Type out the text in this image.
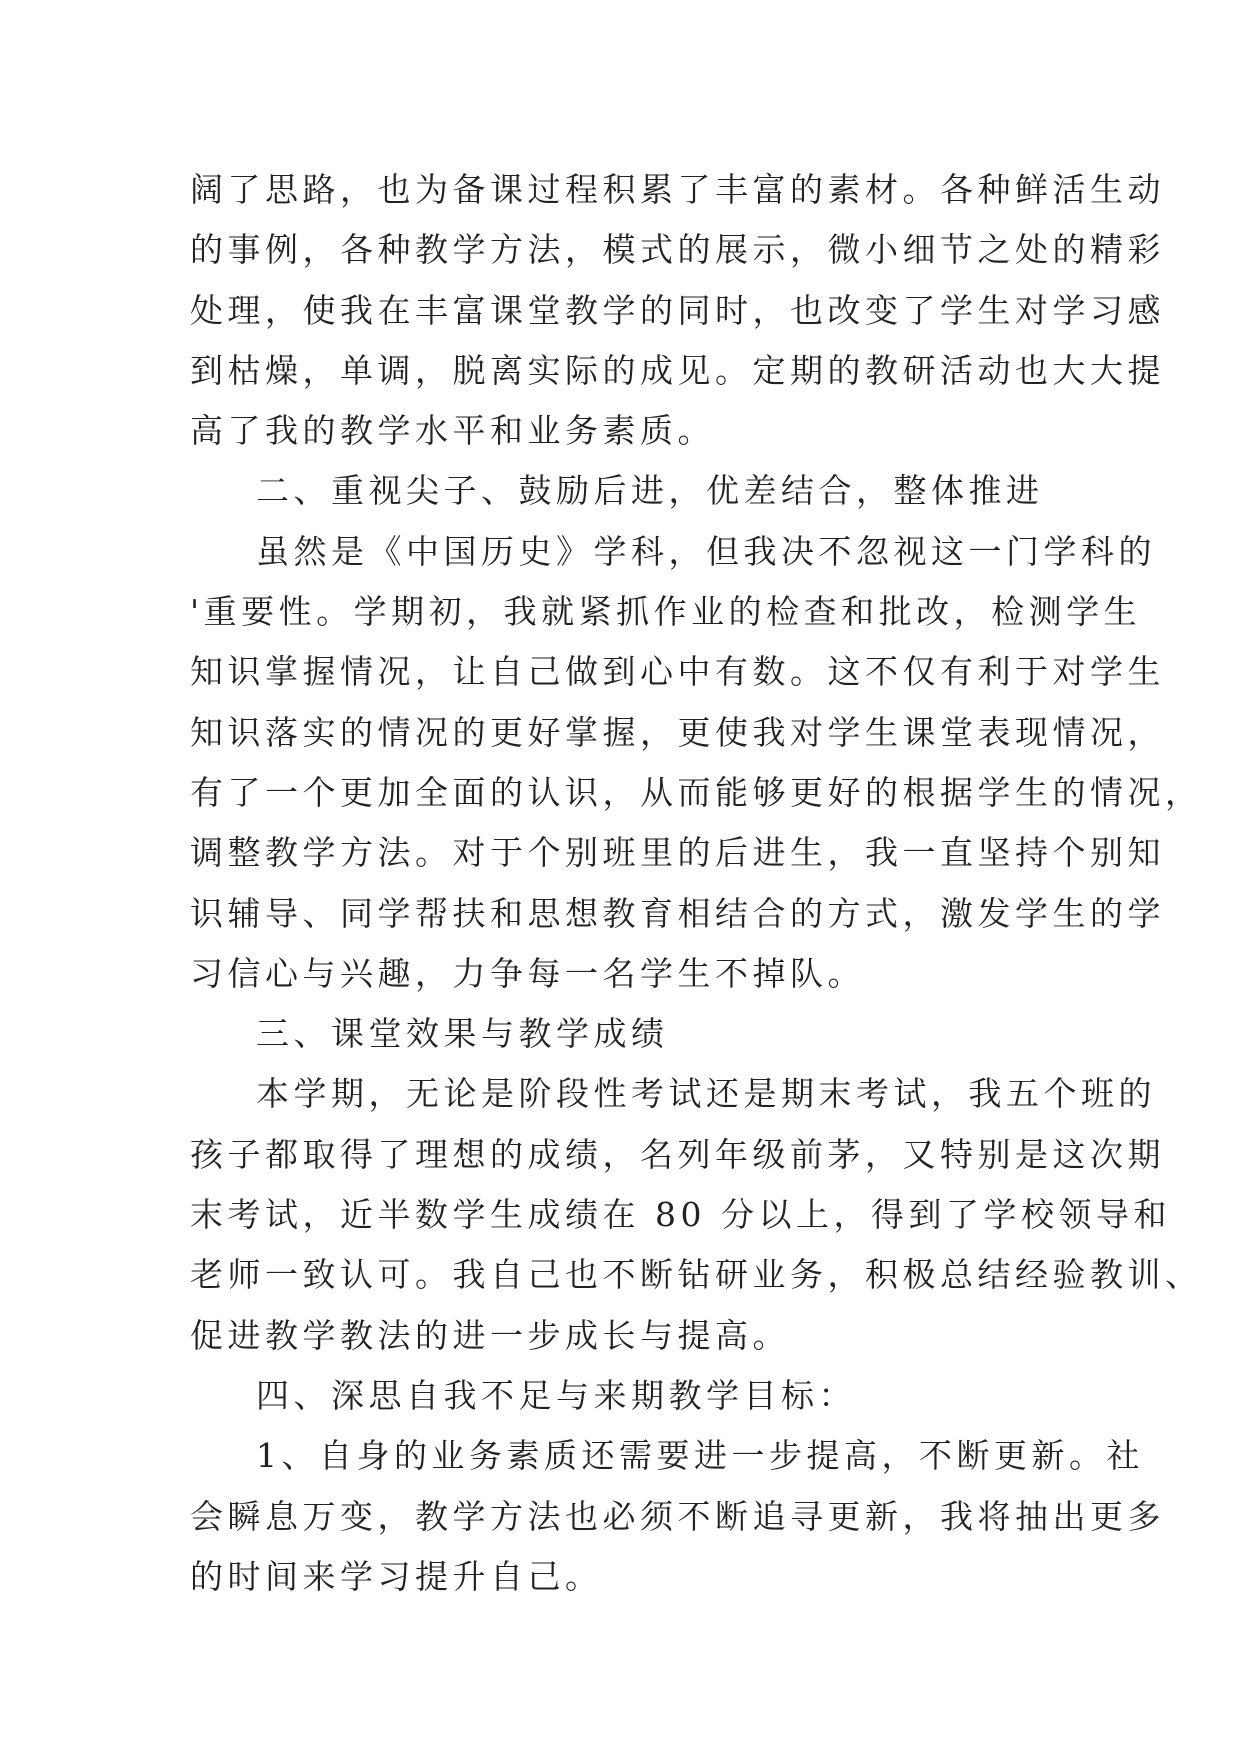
阔了思路，也为备课过程积累了丰富的素材。各种鲜活生动
的事例，各种教学方法，模式的展示，微小细节之处的精彩
处理，使我在丰富课堂教学的同时，也改变了学生对学习感
到枯燥，单调，脱离实际的成见。定期的教研活动也大大提
高了我的教学水平和业务素质。
二、重视尖子、鼓励后进，优差结合，整体推进
虽然是《中国历史》学科，但我决不忽视这一门学科的
'重要性。学期初，我就紧抓作业的检查和批改，检测学生
知识掌握情况，让自己做到心中有数。这不仅有利于对学生
知识落实的情况的更好掌握，更使我对学生课堂表现情况，
有了一个更加全面的认识，从而能够更好的根据学生的情况，
调整教学方法。对于个别班里的后进生，我一直坚持个别知
识辅导、同学帮扶和思想教育相结合的方式，激发学生的学
习信心与兴趣，力争每一名学生不掉队。
三、课堂效果与教学成绩
本学期，无论是阶段性考试还是期末考试，我五个班的
孩子都取得了理想的成绩，名列年级前茅，又特别是这次期
末考试，近半数学生成绩在 80 分以上，得到了学校领导和
老师一致认可。我自己也不断钻研业务，积极总结经验教训、
促进教学教法的进一步成长与提高。
四、深思自我不足与来期教学目标：
1、自身的业务素质还需要进一步提高，不断更新。社
会瞬息万变，教学方法也必须不断追寻更新，我将抽出更多
的时间来学习提升自己。
